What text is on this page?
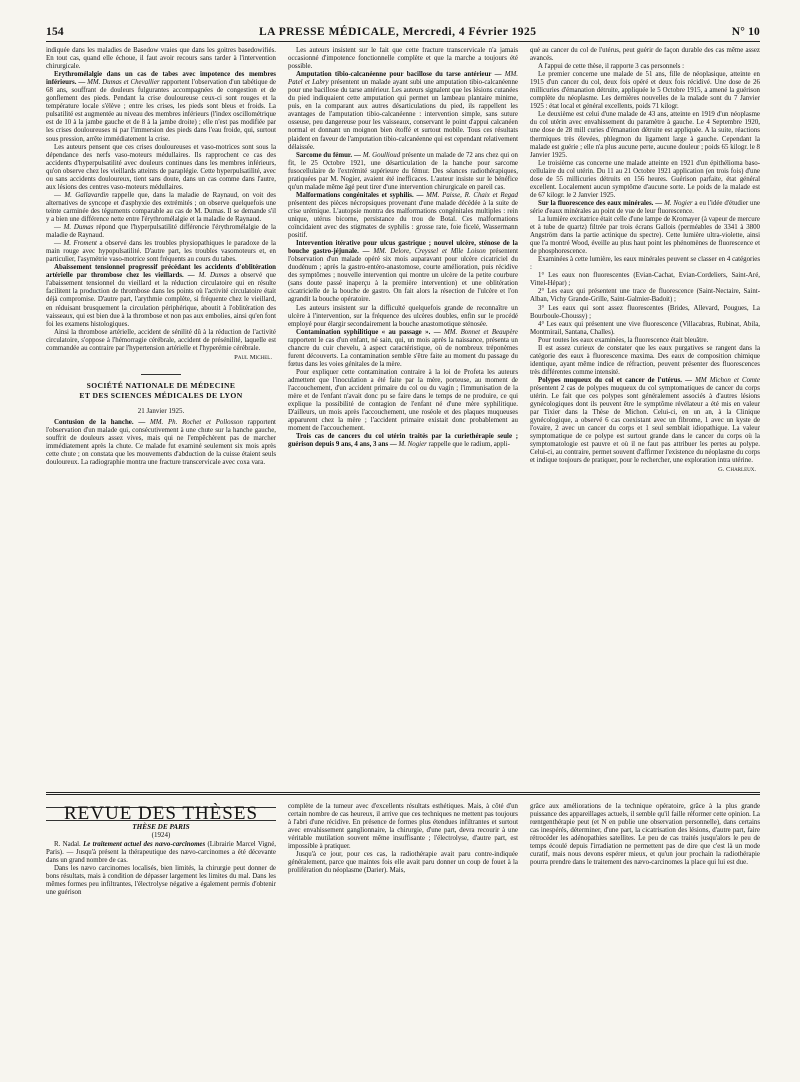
154	LA PRESSE MÉDICALE, Mercredi, 4 Février 1925	N° 10

indiquée dans les maladies de Basedow vraies que dans les goitres basedowifiés. En tout cas, quand elle échoue, il faut avoir recours sans tarder à l'intervention chirurgicale.

Erythromélalgie dans un cas de tabes avec impotence des membres inférieurs. — MM. Dumas et Chevallier rapportent l'observation d'un tabétique de 68 ans, souffrant de douleurs fulgurantes accompagnées de congestion et de gonflement des pieds. Pendant la crise douloureuse ceux-ci sont rouges et la température locale s'élève ; entre les crises, les pieds sont bleus et froids. La pulsatilité est augmentée au niveau des membres inférieurs (l'index oscillométrique est de 10 à la jambe gauche et de 8 à la jambe droite) ; elle n'est pas modifiée par les crises douloureuses ni par l'immersion des pieds dans l'eau froide, qui, surtout sous pression, arrête immédiatement la crise.

Les auteurs pensent que ces crises douloureuses et vaso-motrices sont sous la dépendance des nerfs vaso-moteurs médullaires. Ils rapprochent ce cas des accidents d'hyperpulsatilité avec douleurs continues dans les membres inférieurs, qu'on observe chez les vieillards atteints de paraplégie. Cette hyperpulsatilité, avec ou sans accidents douloureux, tient sans doute, dans un cas comme dans l'autre, aux lésions des centres vaso-moteurs médullaires.

— M. Gallavardin rappelle que, dans la maladie de Raynaud, on voit des alternatives de syncope et d'asphyxie des extrémités ; on observe quelquefois une teinte carminée des téguments comparable au cas de M. Dumas. Il se demande s'il y a bien une différence nette entre l'érythromélalgie et la maladie de Raynaud.

— M. Dumas répond que l'hyperpulsatilité différencie l'érythromélalgie de la maladie de Raynaud.

— M. Froment a observé dans les troubles physiopathiques le paradoxe de la main rouge avec hypopulsatilité. D'autre part, les troubles vasomoteurs et, en particulier, l'asymétrie vaso-motrice sont fréquents au cours du tabes.

Abaissement tensionnel progressif précédant les accidents d'oblitération artérielle par thrombose chez les vieillards. — M. Dumas a observé que l'abaissement tensionnel du vieillard et la réduction circulatoire qui en résulte facilitent la production de thrombose dans les points où l'activité circulatoire était déjà compromise. D'autre part, l'arythmie complète, si fréquente chez le vieillard, en réduisant brusquement la circulation périphérique, aboutit à l'oblitération des vaisseaux, qui est bien due à la thrombose et non pas aux embolies, ainsi qu'en font foi les examens histologiques.

Ainsi la thrombose artérielle, accident de sénilité dû à la réduction de l'activité circulatoire, s'oppose à l'hémorragie cérébrale, accident de présénilité, laquelle est commandée au contraire par l'hypertension artérielle et l'hyperémie cérébrale.

Paul Michel.
SOCIÉTÉ NATIONALE DE MÉDECINE
ET DES SCIENCES MÉDICALES DE LYON
21 Janvier 1925.

Contusion de la hanche. — MM. Ph. Rochet et Pollosson rapportent l'observation d'un malade qui, consécutivement à une chute sur la hanche gauche, souffrit de douleurs assez vives, mais qui ne l'empêchèrent pas de marcher immédiatement après la chute. Ce malade fut examiné seulement six mois après cette chute ; on constata que les mouvements d'abduction de la cuisse étaient seuls douloureux. La radiographie montra une fracture transcervicale avec coxa vara.

Les auteurs insistent sur le fait que cette fracture transcervicale n'a jamais occasionné d'impotence fonctionnelle complète et que la marche a toujours été possible.

Amputation tibio-calcanéenne pour bacillose du tarse antérieur — MM. Patel et Labry présentent un malade ayant subi une amputation tibio-calcanéenne pour une bacillose du tarse antérieur. Les auteurs signalent que les lésions cutanées du pied indiquaient cette amputation qui permet un lambeau plantaire minime, puis, en la comparant aux autres désarticulations du pied, ils rappellent les avantages de l'amputation tibio-calcanéenne : intervention simple, sans suture osseuse, peu dangereuse pour les vaisseaux, conservant le point d'appui calcanéen normal et donnant un moignon bien étoffé et surtout mobile. Tous ces résultats plaident en faveur de l'amputation tibio-calcanéenne qui est cependant relativement délaissée.

Sarcome du fémur. — M. Goullioud présente un malade de 72 ans chez qui on fit, le 25 Octobre 1921, une désarticulation de la hanche pour sarcome fusocellulaire de l'extrémité supérieure du fémur. Des séances radiothérapiques, pratiquées par M. Nogier, avaient été inefficaces. L'auteur insiste sur le bénéfice qu'un malade même âgé peut tirer d'une intervention chirurgicale en pareil cas.

Malformations congénitales et syphilis. — MM. Paisse, R. Chaix et Regad présentent des pièces nécropsiques provenant d'une malade décédée à la suite de crise urémique. L'autopsie montra des malformations congénitales multiples : rein unique, utérus bicorne, persistance du trou de Botal. Ces malformations coïncidaient avec des stigmates de syphilis : grosse rate, foie ficelé, Wassermann positif.

Intervention itérative pour ulcus gastrique ; nouvel ulcère, sténose de la bouche gastro-jéjunale. — MM. Delore, Creyssel et Mlle Loison présentent l'observation d'un malade opéré six mois auparavant pour ulcère cicatriciel du duodénum ; après la gastro-entéro-anastomose, courte amélioration, puis récidive des symptômes ; nouvelle intervention qui montre un ulcère de la petite courbure (sans doute passé inaperçu à la première intervention) et une oblitération cicatricielle de la bouche de gastro. On fait alors la résection de l'ulcère et l'on agrandit la bouche opératoire.

Les auteurs insistent sur la difficulté quelquefois grande de reconnaître un ulcère à l'intervention, sur la fréquence des ulcères doubles, enfin sur le procédé employé pour élargir secondairement la bouche anastomotique sténosée.

Contamination syphilitique « au passage ». — MM. Bonnet et Beaupère rapportent le cas d'un enfant, né sain, qui, un mois après la naissance, présenta un chancre du cuir chevelu, à aspect caractéristique, où de nombreux tréponèmes furent découverts. La contamination semble s'être faite au moment du passage du fœtus dans les voies génitales de la mère.

Pour expliquer cette contamination contraire à la loi de Profeta les auteurs admettent que l'inoculation a été faite par la mère, porteuse, au moment de l'accouchement, d'un accident primaire du col ou du vagin ; l'immunisation de la mère et de l'enfant n'avait donc pu se faire dans le temps de ne produire, ce qui explique la possibilité de contagion de l'enfant né d'une mère syphilitique. D'ailleurs, un mois après l'accouchement, une roséole et des plaques muqueuses apparurent chez la mère ; l'accident primaire existait donc probablement au moment de l'accouchement.

Trois cas de cancers du col utérin traités par la curiethérapie seule ; guérison depuis 9 ans, 4 ans, 3 ans — M. Nogier rappelle que le radium, appli-

qué au cancer du col de l'utérus, peut guérir de façon durable des cas même assez avancés.

A l'appui de cette thèse, il rapporte 3 cas personnels :

Le premier concerne une malade de 51 ans, fille de néoplasique, atteinte en 1915 d'un cancer du col, deux fois opéré et deux fois récidivé. Une dose de 26 millicuries d'émanation détruite, appliquée le 5 Octobre 1915, a amené la guérison complète du néoplasme. Les dernières nouvelles de la malade sont du 7 Janvier 1925 : état local et général excellents, poids 71 kilogr.

Le deuxième est celui d'une malade de 43 ans, atteinte en 1919 d'un néoplasme du col utérin avec envahissement du paramètre à gauche. Le 4 Septembre 1920, une dose de 28 mill curies d'émanation détruite est appliquée. A la suite, réactions thermiques très élevées, phlegmon du ligament large à gauche. Cependant la malade est guérie ; elle n'a plus aucune perte, aucune douleur ; poids 65 kilogr. le 8 Janvier 1925.

Le troisième cas concerne une malade atteinte en 1921 d'un épithélioma baso-cellulaire du col utérin. Du 11 au 21 Octobre 1921 application (en trois fois) d'une dose de 55 millicuries détruits en 156 heures. Guérison parfaite, état général excellent. Localement aucun symptôme d'aucune sorte. Le poids de la malade est de 67 kilogr. le 2 Janvier 1925.

Sur la fluorescence des eaux minérales. — M. Nogier a eu l'idée d'étudier une série d'eaux minérales au point de vue de leur fluorescence.

La lumière excitatrice était celle d'une lampe de Kromayer (à vapeur de mercure et à tube de quartz) filtrée par trois écrans Gallois (perméables de 3341 à 3800 Angström dans la partie actinique du spectre). Cette lumière ultra-violette, ainsi que l'a montré Wood, éveille au plus haut point les phénomènes de fluorescence et de phosphorescence.

Examinées à cette lumière, les eaux minérales peuvent se classer en 4 catégories :

1° Les eaux non fluorescentes (Evian-Cachat, Evian-Cordeliers, Saint-Aré, Vittel-Hépar) ;

2° Les eaux qui présentent une trace de fluorescence (Saint-Nectaire, Saint-Alban, Vichy Grande-Grille, Saint-Galmier-Badoit) ;

3° Les eaux qui sont assez fluorescentes (Brides, Allevard, Pougues, La Bourboule-Choussy) ;

4° Les eaux qui présentent une vive fluorescence (Villacabras, Rubinat, Abila, Montmirail, Santana, Challes).

Pour toutes les eaux examinées, la fluorescence était bleuâtre.

Il est assez curieux de constater que les eaux purgatives se rangent dans la catégorie des eaux à fluorescence maxima. Des eaux de composition chimique identique, ayant même indice de réfraction, peuvent présenter des fluorescences très différentes comme intensité.

Polypes muqueux du col et cancer de l'utérus. — MM Michon et Comte présentent 2 cas de polypes muqueux du col symptomatiques de cancer du corps utérin. Le fait que ces polypes sont généralement associés à d'autres lésions gynécologiques dont ils peuvent être le symptôme révélateur a été mis en valeur par Tixier dans la Thèse de Michon. Celui-ci, en un an, à la Clinique gynécologique, a observé 6 cas coexistant avec un fibrome, 1 avec un kyste de l'ovaire, 2 avec un cancer du corps et 1 seul semblait idiopathique. La valeur symptomatique de ce polype est surtout grande dans le cancer du corps où la symptomatologie est pauvre et où il ne faut pas attribuer les pertes au polype. Celui-ci, au contraire, permet souvent d'affirmer l'existence du néoplasme du corps et indique toujours de pratiquer, pour le rechercher, une exploration intra utérine.

G. Charleux.
REVUE DES THÈSES
THÈSE DE PARIS
(1924)

R. Nadal. Le traitement actuel des nævo-carcinomes (Librairie Marcel Vigné, Paris). — Jusqu'à présent la thérapeutique des nævo-carcinomes a été décevante dans un grand nombre de cas.

Dans les nævo carcinomes localisés, bien limités, la chirurgie peut donner de bons résultats, mais à condition de dépasser largement les limites du mal. Dans les mêmes formes peu infiltrantes, l'électrolyse négative a également permis d'obtenir une guérison

complète de la tumeur avec d'excellents résultats esthétiques. Mais, à côté d'un certain nombre de cas heureux, il arrive que ces techniques ne mettent pas toujours à l'abri d'une récidive. En présence de formes plus étendues infiltrantes et surtout avec envahissement ganglionnaire, la chirurgie, d'une part, devra recourir à une véritable mutilation souvent même insuffisante ; l'électrolyse, d'autre part, est impossible à pratiquer.

Jusqu'à ce jour, pour ces cas, la radiothérapie avait paru contre-indiquée généralement, parce que maintes fois elle avait paru donner un coup de fouet à la prolifération du néoplasme (Darier). Mais,

grâce aux améliorations de la technique opératoire, grâce à la plus grande puissance des appareillages actuels, il semble qu'il faille réformer cette opinion. La rœntgenthérapie peut (et N en publie une observation personnelle), dans certains cas inespérés, déterminer, d'une part, la cicatrisation des lésions, d'autre part, faire rétrocéder les adénopathies satellites. Le peu de cas traités jusqu'alors le peu de temps écoulé depuis l'irradiation ne permettent pas de dire que c'est là un mode curatif, mais nous devons espérer mieux, et qu'un jour prochain la radiothérapie pourra prendre dans le traitement des nævo-carcinomes la place qui lui est due.
